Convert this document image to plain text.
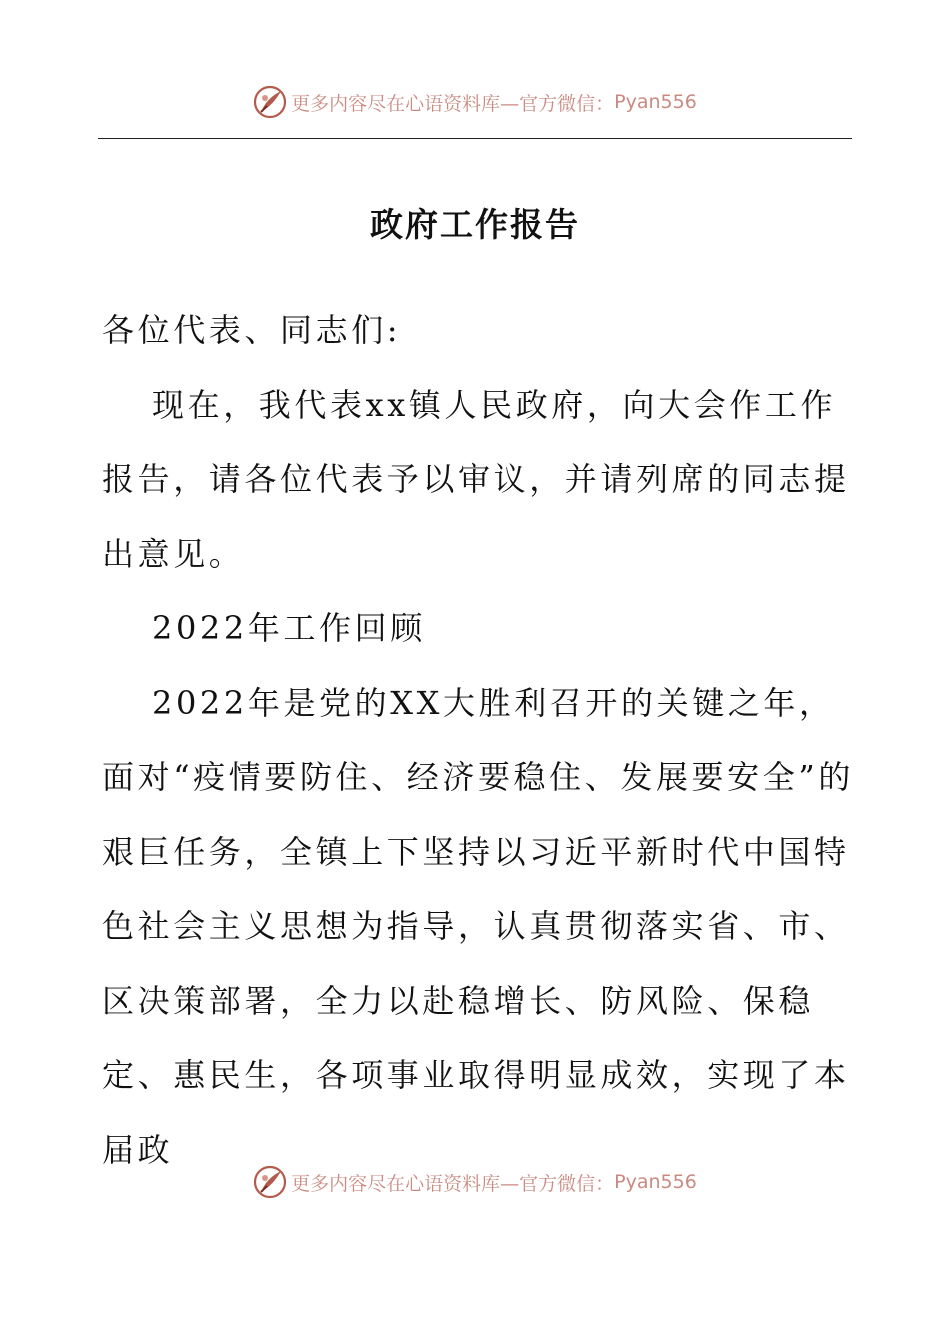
更多内容尽在心语资料库—官方微信： Pyan556
政府工作报告

各位代表、同志们:

现在，我代表xx镇人民政府，向大会作工作报告，请各位代表予以审议，并请列席的同志提出意见。

2022年工作回顾

2022年是党的XX大胜利召开的关键之年，面对“疫情要防住、经济要稳住、发展要安全”的艰巨任务，全镇上下坚持以习近平新时代中国特色社会主义思想为指导，认真贯彻落实省、市、区决策部署，全力以赴稳增长、防风险、保稳定、惠民生，各项事业取得明显成效，实现了本届政

更多内容尽在心语资料库—官方微信： Pyan556
